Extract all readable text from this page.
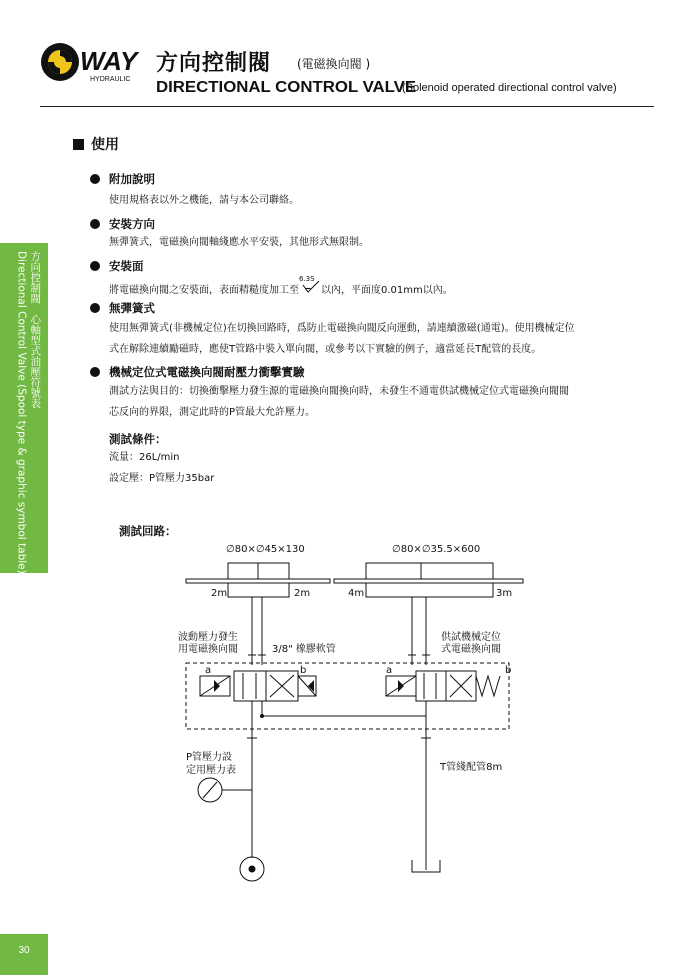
WAY
HYDRAULIC
方向控制閥 (電磁換向閥 )
DIRECTIONAL CONTROL VALVE
(Solenoid operated directional control valve)
使用
附加說明
使用規格表以外之機能，請与本公司聯絡。
安裝方向
無彈簧式，電磁換向閥軸綫應水平安裝，其他形式無限制。
安裝面
將電磁換向閥之安裝面，表面精糙度加工至
6.3S
以內，平面度0.01mm以內。
無彈簧式
使用無彈簧式(非機械定位)在切換回路時，爲防止電磁換向閥反向運動，請連續激磁(通電)。使用機械定位
式在解除連續勵磁時，應使T管路中裝入單向閥，或參考以下實驗的例子，適當延長T配管的長度。
機械定位式電磁換向閥耐壓力衝擊實驗
測試方法與目的：切換衝擊壓力發生源的電磁換向閥換向時，未發生不通電供試機械定位式電磁換向閥閥
芯反向的界限，測定此時的P管最大允許壓力。
測試條件：
流量：26L/min
設定壓：P管壓力35bar
測試回路：
方向控制閥　心軸型式油壓符號表
Directional Control Valve (Spool type & graphic symbol table)
30
∅80×∅45×130	∅80×∅35.5×600
2m	2m	4m	3m
波動壓力發生
用電磁換向閥	3/8" 橡膠軟管
供試機械定位
式電磁換向閥
a	b	a	b
P管壓力設
定用壓力表	T管綫配管8m
